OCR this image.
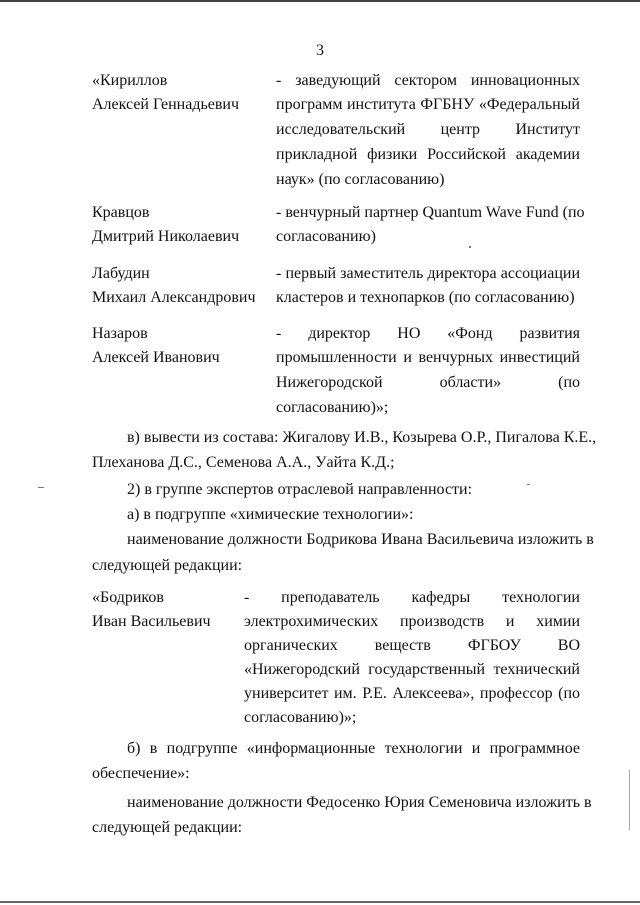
3
«Кириллов
Алексей Геннадьевич
- заведующий сектором инновационных
программ института ФГБНУ «Федеральный
исследовательский центр Институт
прикладной физики Российской академии
наук» (по согласованию)
Кравцов
Дмитрий Николаевич
- венчурный партнер Quantum Wave Fund (по
согласованию)
Лабудин
Михаил Александрович
- первый заместитель директора ассоциации
кластеров и технопарков (по согласованию)
Назаров
Алексей Иванович
- директор НО «Фонд развития
промышленности и венчурных инвестиций
Нижегородской области» (по
согласованию)»;
в) вывести из состава: Жигалову И.В., Козырева О.Р., Пигалова К.Е.,
Плеханова Д.С., Семенова А.А., Уайта К.Д.;
2) в группе экспертов отраслевой направленности:
а) в подгруппе «химические технологии»:
наименование должности Бодрикова Ивана Васильевича изложить в
следующей редакции:
«Бодриков
Иван Васильевич
- преподаватель кафедры технологии
электрохимических производств и химии
органических веществ ФГБОУ ВО
«Нижегородский государственный технический
университет им. Р.Е. Алексеева», профессор (по
согласованию)»;
б) в подгруппе «информационные технологии и программное
обеспечение»:
наименование должности Федосенко Юрия Семеновича изложить в
следующей редакции:
